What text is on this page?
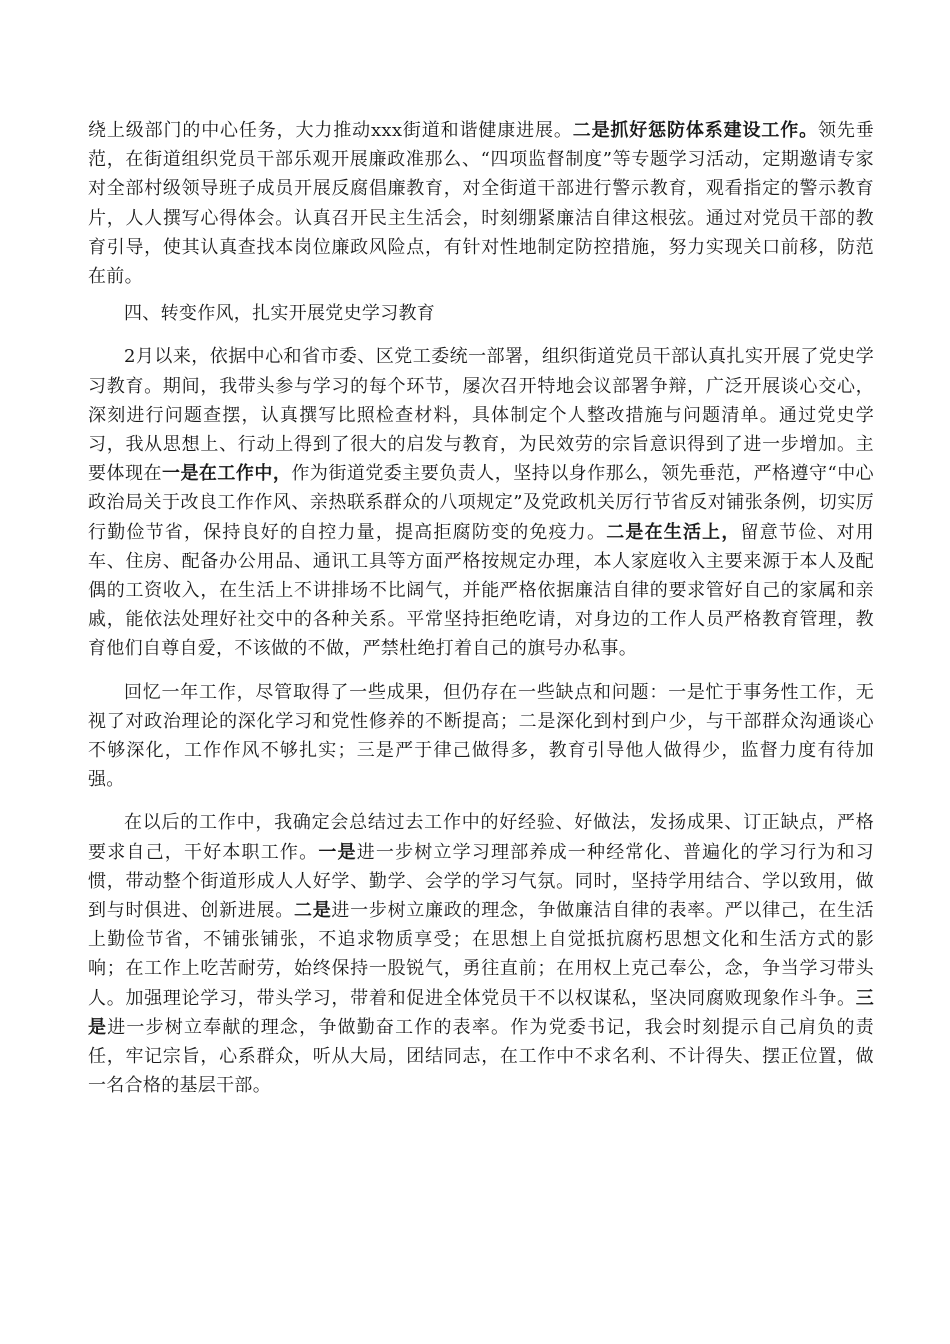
绕上级部门的中心任务，大力推动xxx街道和谐健康进展。二是抓好惩防体系建设工作。领先垂范，在街道组织党员干部乐观开展廉政准那么、“四项监督制度”等专题学习活动，定期邀请专家对全部村级领导班子成员开展反腐倡廉教育，对全街道干部进行警示教育，观看指定的警示教育片，人人撰写心得体会。认真召开民主生活会，时刻绷紧廉洁自律这根弦。通过对党员干部的教育引导，使其认真查找本岗位廉政风险点，有针对性地制定防控措施，努力实现关口前移，防范在前。

四、转变作风，扎实开展党史学习教育

2月以来，依据中心和省市委、区党工委统一部署，组织街道党员干部认真扎实开展了党史学习教育。期间，我带头参与学习的每个环节，屡次召开特地会议部署争辩，广泛开展谈心交心，深刻进行问题查摆，认真撰写比照检查材料，具体制定个人整改措施与问题清单。通过党史学习，我从思想上、行动上得到了很大的启发与教育，为民效劳的宗旨意识得到了进一步增加。主要体现在一是在工作中，作为街道党委主要负责人，坚持以身作那么，领先垂范，严格遵守“中心政治局关于改良工作作风、亲热联系群众的八项规定”及党政机关厉行节省反对铺张条例，切实厉行勤俭节省，保持良好的自控力量，提高拒腐防变的免疫力。二是在生活上，留意节俭、对用车、住房、配备办公用品、通讯工具等方面严格按规定办理，本人家庭收入主要来源于本人及配偶的工资收入，在生活上不讲排场不比阔气，并能严格依据廉洁自律的要求管好自己的家属和亲戚，能依法处理好社交中的各种关系。平常坚持拒绝吃请，对身边的工作人员严格教育管理，教育他们自尊自爱，不该做的不做，严禁杜绝打着自己的旗号办私事。

回忆一年工作，尽管取得了一些成果，但仍存在一些缺点和问题：一是忙于事务性工作，无视了对政治理论的深化学习和党性修养的不断提高；二是深化到村到户少，与干部群众沟通谈心不够深化，工作作风不够扎实；三是严于律己做得多，教育引导他人做得少，监督力度有待加强。

在以后的工作中，我确定会总结过去工作中的好经验、好做法，发扬成果、订正缺点，严格要求自己，干好本职工作。一是进一步树立学习理部养成一种经常化、普遍化的学习行为和习惯，带动整个街道形成人人好学、勤学、会学的学习气氛。同时，坚持学用结合、学以致用，做到与时俱进、创新进展。二是进一步树立廉政的理念，争做廉洁自律的表率。严以律己，在生活上勤俭节省，不铺张铺张，不追求物质享受；在思想上自觉抵抗腐朽思想文化和生活方式的影响；在工作上吃苦耐劳，始终保持一股锐气，勇往直前；在用权上克己奉公，念，争当学习带头人。加强理论学习，带头学习，带着和促进全体党员干不以权谋私，坚决同腐败现象作斗争。三是进一步树立奉献的理念，争做勤奋工作的表率。作为党委书记，我会时刻提示自己肩负的责任，牢记宗旨，心系群众，听从大局，团结同志，在工作中不求名利、不计得失、摆正位置，做一名合格的基层干部。
